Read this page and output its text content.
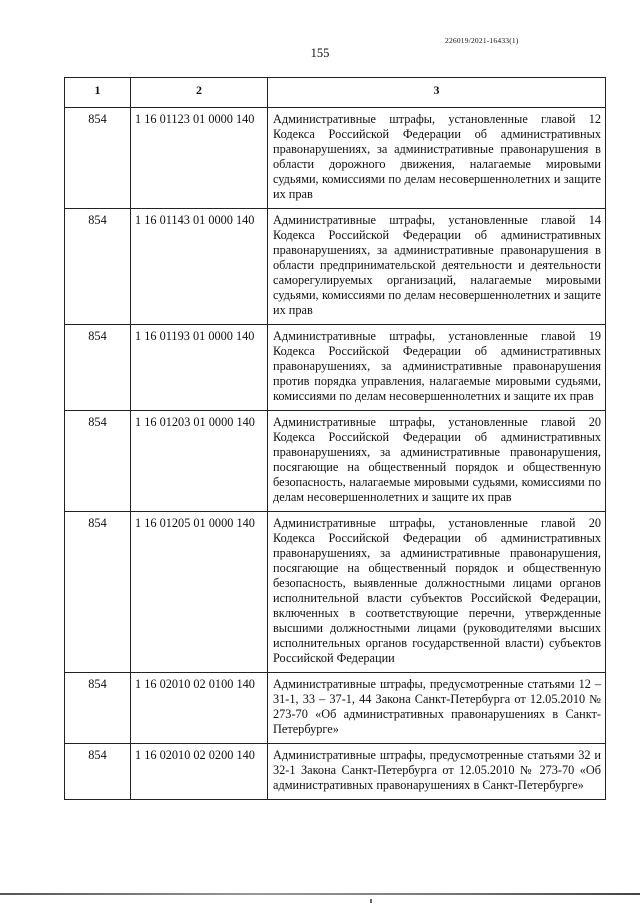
226019/2021-16433(1)
155
1	2	3
854	1 16 01123 01 0000 140	Административные штрафы, установленные главой 12 Кодекса Российской Федерации об административных правонарушениях, за административные правонарушения в области дорожного движения, налагаемые мировыми судьями, комиссиями по делам несовершеннолетних и защите их прав
854	1 16 01143 01 0000 140	Административные штрафы, установленные главой 14 Кодекса Российской Федерации об административных правонарушениях, за административные правонарушения в области предпринимательской деятельности и деятельности саморегулируемых организаций, налагаемые мировыми судьями, комиссиями по делам несовершеннолетних и защите их прав
854	1 16 01193 01 0000 140	Административные штрафы, установленные главой 19 Кодекса Российской Федерации об административных правонарушениях, за административные правонарушения против порядка управления, налагаемые мировыми судьями, комиссиями по делам несовершеннолетних и защите их прав
854	1 16 01203 01 0000 140	Административные штрафы, установленные главой 20 Кодекса Российской Федерации об административных правонарушениях, за административные правонарушения, посягающие на общественный порядок и общественную безопасность, налагаемые мировыми судьями, комиссиями по делам несовершеннолетних и защите их прав
854	1 16 01205 01 0000 140	Административные штрафы, установленные главой 20 Кодекса Российской Федерации об административных правонарушениях, за административные правонарушения, посягающие на общественный порядок и общественную безопасность, выявленные должностными лицами органов исполнительной власти субъектов Российской Федерации, включенных в соответствующие перечни, утвержденные высшими должностными лицами (руководителями высших исполнительных органов государственной власти) субъектов Российской Федерации
854	1 16 02010 02 0100 140	Административные штрафы, предусмотренные статьями 12 – 31-1, 33 – 37-1, 44 Закона Санкт-Петербурга от 12.05.2010 № 273-70 «Об административных правонарушениях в Санкт-Петербурге»
854	1 16 02010 02 0200 140	Административные штрафы, предусмотренные статьями 32 и 32-1 Закона Санкт-Петербурга от 12.05.2010 № 273-70 «Об административных правонарушениях в Санкт-Петербурге»
